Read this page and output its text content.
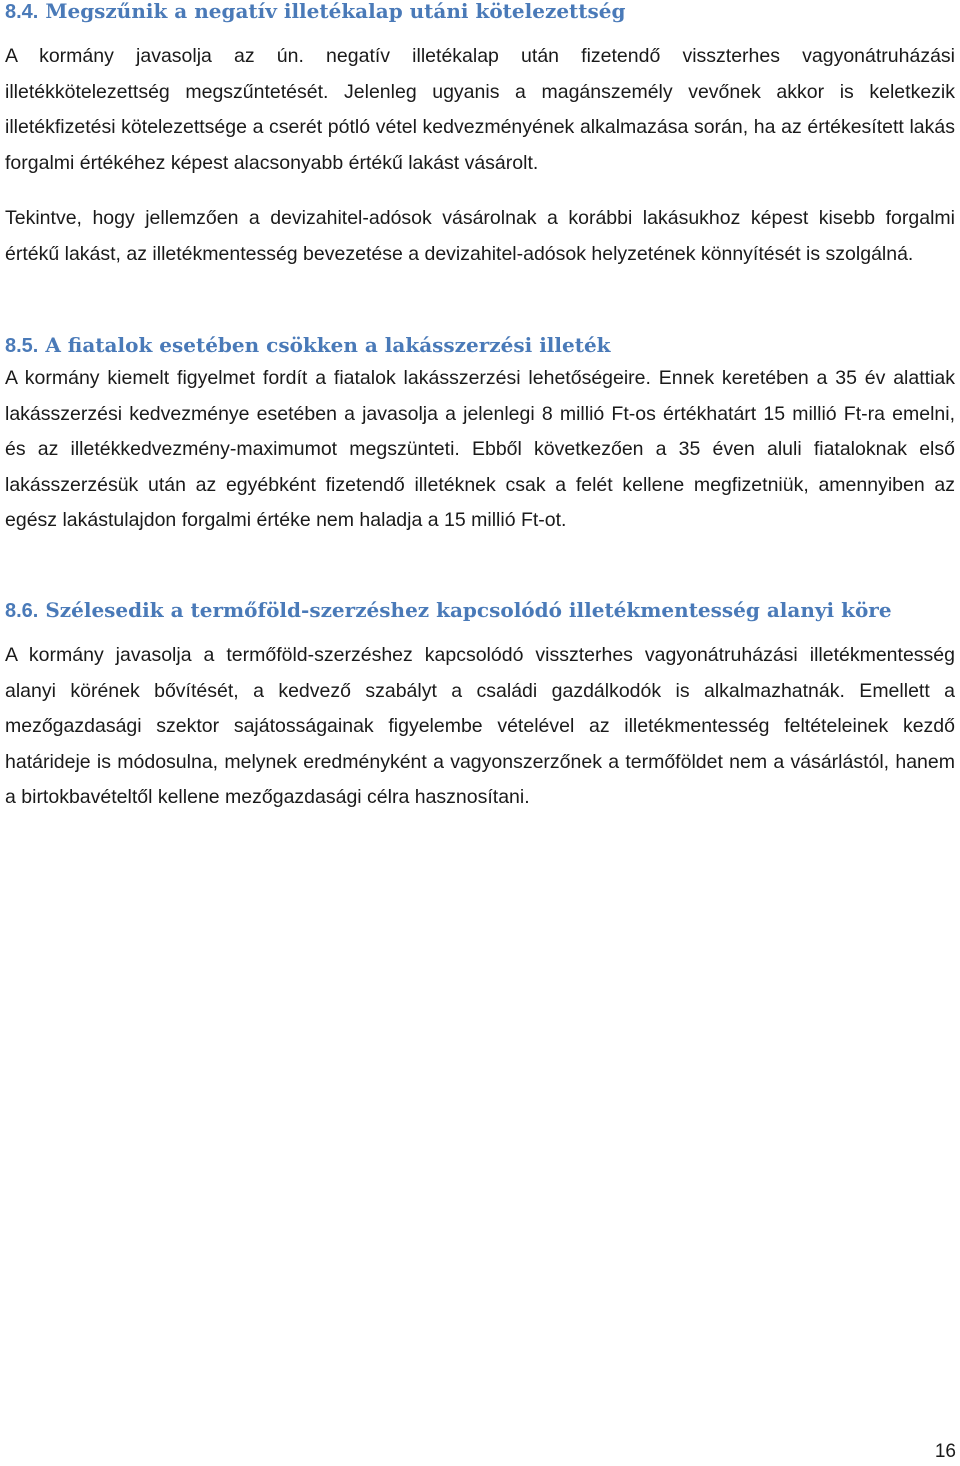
8.4. Megszűnik a negatív illetékalap utáni kötelezettség

A kormány javasolja az ún. negatív illetékalap után fizetendő visszterhes vagyonátruházási illetékkötelezettség megszűntetését. Jelenleg ugyanis a magánszemély vevőnek akkor is keletkezik illetékfizetési kötelezettsége a cserét pótló vétel kedvezményének alkalmazása során, ha az értékesített lakás forgalmi értékéhez képest alacsonyabb értékű lakást vásárolt.

Tekintve, hogy jellemzően a devizahitel-adósok vásárolnak a korábbi lakásukhoz képest kisebb forgalmi értékű lakást, az illetékmentesség bevezetése a devizahitel-adósok helyzetének könnyítését is szolgálná.

8.5. A fiatalok esetében csökken a lakásszerzési illeték

A kormány kiemelt figyelmet fordít a fiatalok lakásszerzési lehetőségeire. Ennek keretében a 35 év alattiak lakásszerzési kedvezménye esetében a javasolja a jelenlegi 8 millió Ft-os értékhatárt 15 millió Ft-ra emelni, és az illetékkedvezmény-maximumot megszünteti. Ebből következően a 35 éven aluli fiataloknak első lakásszerzésük után az egyébként fizetendő illetéknek csak a felét kellene megfizetniük, amennyiben az egész lakástulajdon forgalmi értéke nem haladja a 15 millió Ft-ot.

8.6. Szélesedik a termőföld-szerzéshez kapcsolódó illetékmentesség alanyi köre

A kormány javasolja a termőföld-szerzéshez kapcsolódó visszterhes vagyonátruházási illetékmentesség alanyi körének bővítését, a kedvező szabályt a családi gazdálkodók is alkalmazhatnák. Emellett a mezőgazdasági szektor sajátosságainak figyelembe vételével az illetékmentesség feltételeinek kezdő határideje is módosulna, melynek eredményként a vagyonszerzőnek a termőföldet nem a vásárlástól, hanem a birtokbavételtől kellene mezőgazdasági célra hasznosítani.

16
